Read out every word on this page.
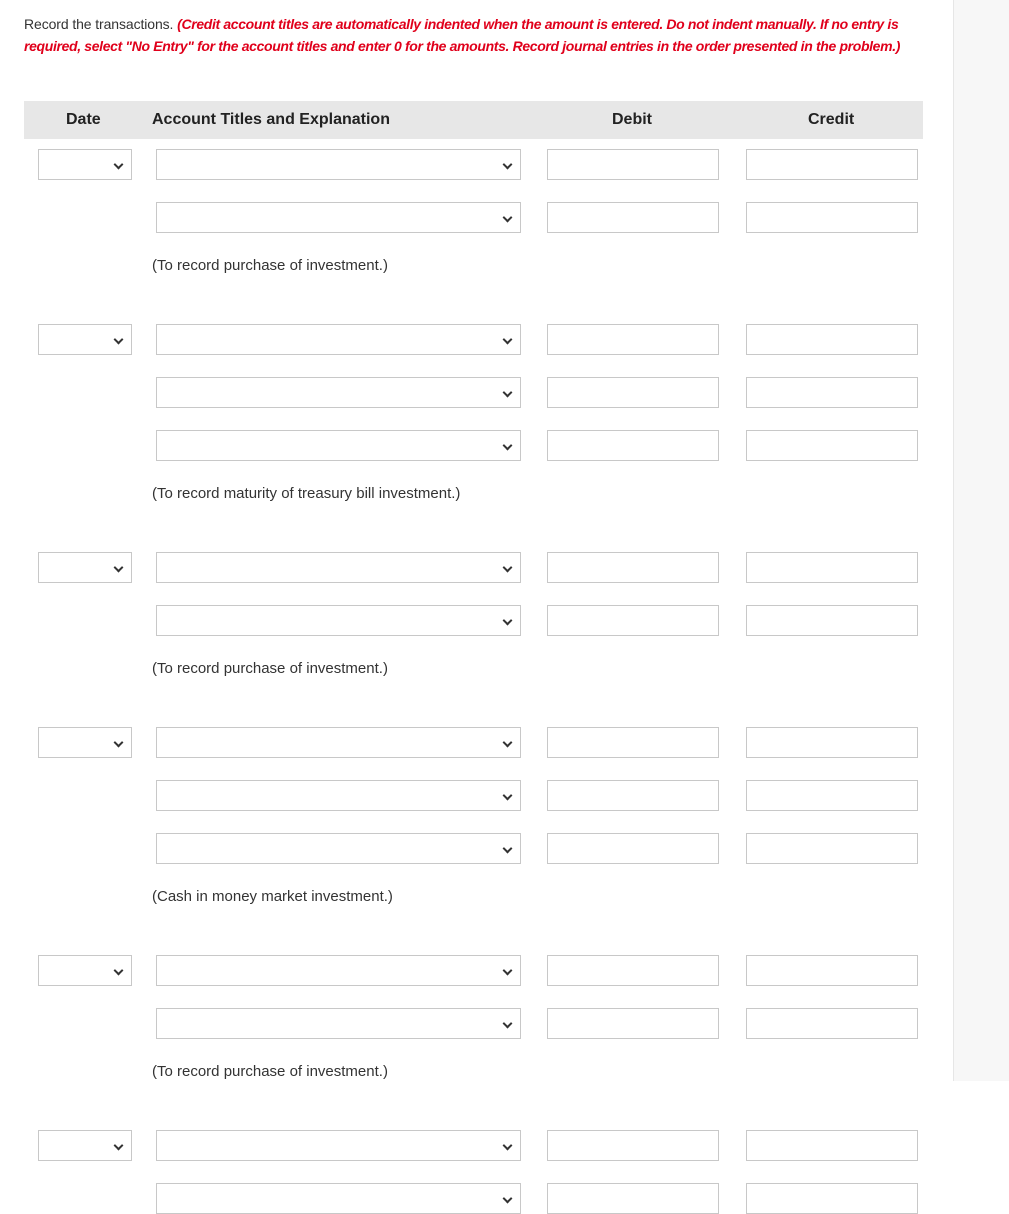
Record the transactions. (Credit account titles are automatically indented when the amount is entered. Do not indent manually. If no entry is required, select "No Entry" for the account titles and enter 0 for the amounts. Record journal entries in the order presented in the problem.)
Date	Account Titles and Explanation	Debit	Credit
(To record purchase of investment.)
(To record maturity of treasury bill investment.)
(To record purchase of investment.)
(Cash in money market investment.)
(To record purchase of investment.)
